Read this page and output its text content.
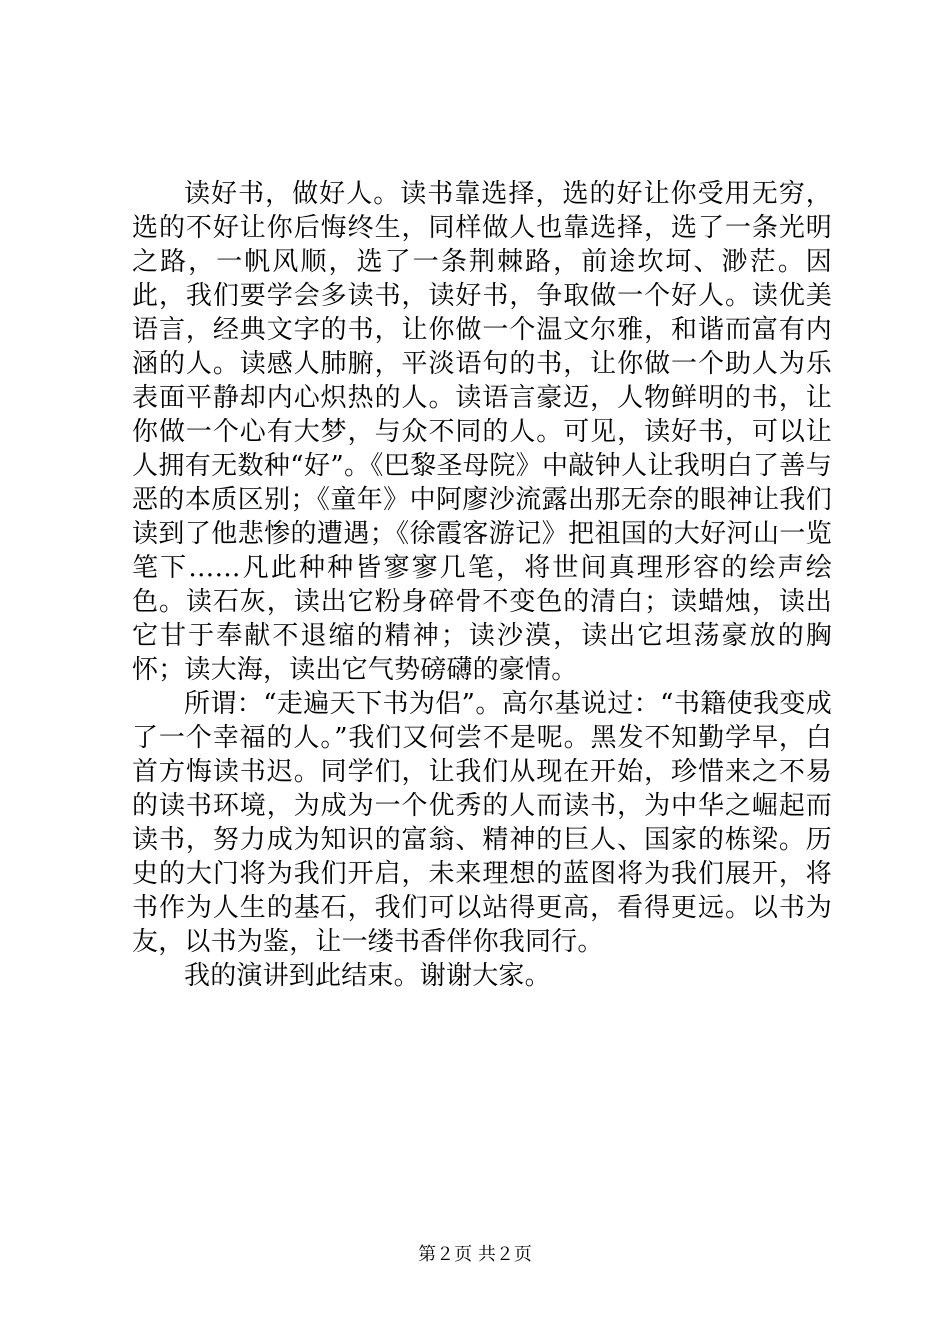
读好书，做好人。读书靠选择，选的好让你受用无穷，选的不好让你后悔终生，同样做人也靠选择，选了一条光明之路，一帆风顺，选了一条荆棘路，前途坎坷、渺茫。因此，我们要学会多读书，读好书，争取做一个好人。读优美语言，经典文字的书，让你做一个温文尔雅，和谐而富有内涵的人。读感人肺腑，平淡语句的书，让你做一个助人为乐表面平静却内心炽热的人。读语言豪迈，人物鲜明的书，让你做一个心有大梦，与众不同的人。可见，读好书，可以让人拥有无数种“好”。《巴黎圣母院》中敲钟人让我明白了善与恶的本质区别；《童年》中阿廖沙流露出那无奈的眼神让我们读到了他悲惨的遭遇；《徐霞客游记》把祖国的大好河山一览笔下……凡此种种皆寥寥几笔，将世间真理形容的绘声绘色。读石灰，读出它粉身碎骨不变色的清白；读蜡烛，读出它甘于奉献不退缩的精神；读沙漠，读出它坦荡豪放的胸怀；读大海，读出它气势磅礴的豪情。

所谓：“走遍天下书为侣”。高尔基说过：“书籍使我变成了一个幸福的人。”我们又何尝不是呢。黑发不知勤学早，白首方悔读书迟。同学们，让我们从现在开始，珍惜来之不易的读书环境，为成为一个优秀的人而读书，为中华之崛起而读书，努力成为知识的富翁、精神的巨人、国家的栋梁。历史的大门将为我们开启，未来理想的蓝图将为我们展开，将书作为人生的基石，我们可以站得更高，看得更远。以书为友，以书为鉴，让一缕书香伴你我同行。

我的演讲到此结束。谢谢大家。

第２页 共２页
